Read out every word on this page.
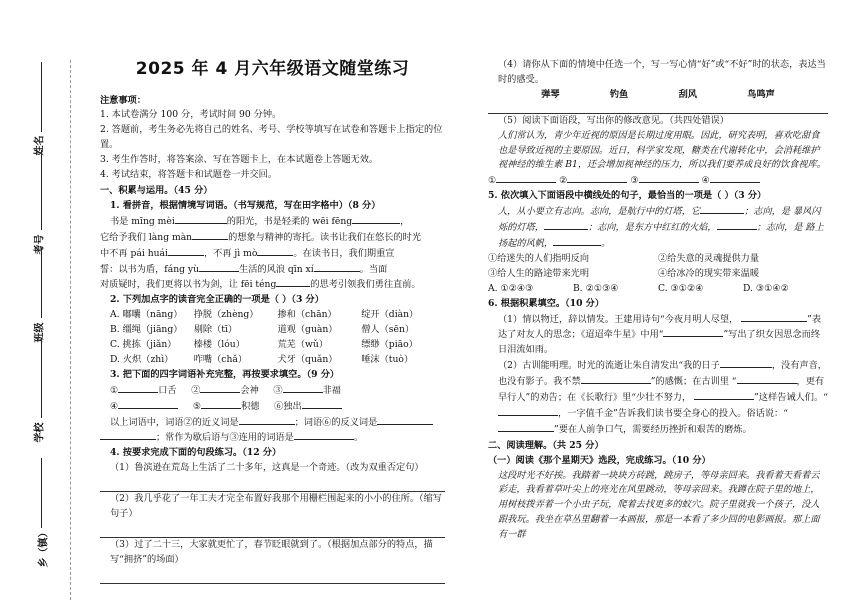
姓名
考号
班级
学校
乡（镇）
2025 年 4 月六年级语文随堂练习

注意事项：

1. 本试卷满分 100 分，考试时间 90 分钟。

2. 答题前，考生务必先将自己的姓名、考号、学校等填写在试卷和答题卡上指定的位置。

3. 考生作答时，将答案涂、写在答题卡上，在本试题卷上答题无效。

4. 考试结束，将答题卡和试题卷一并交回。

一、积累与运用。（45 分）

1. 看拼音，根据情境写词语。（书写规范，写在田字格中）（8 分）

书是 mīng mèi	的阳光，书是轻柔的 wēi fēng	，

它给予我们 làng màn	的想象与精神的寄托。读书让我们在悠长的时光

中不再 pái huái	，不再 jì mò	。在读书日，我们期重宣

誓：以书为盾，fáng yù	生活的风浪 qīn xí	。当面

对质疑时，我们更将以书为剑，让 fēi téng	的思考引领我们勇往直前。

2. 下列加点字的读音完全正确的一项是（ ）（3 分）

A. 嘟囔（nāng）	挣脱（zhèng）	掺和（chān）	绽开（diàn）
B. 缰绳（jiāng）	剔除（tī）	道观（guàn）	僧人（sēn）
C. 挑拣（jiǎn）	榛楼（lóu）	荒芜（wǔ）	缥缈（piāo）
D. 火炽（zhì）	咋嘴（chǎ）	犬牙（quǎn）	唾沫（tuò）

3. 把下面的四字词语补充完整，再按要求填空。（9 分）

①	口舌 ②	会神 ③	非福

④	⑤	积德 ⑥独出

以上词语中，词语②的近义词是	；词语⑥的反义词是

；常作为歇后语与③连用的词语是	。

4. 按要求完成下面的句段练习。（12 分）

（1）鲁滨逊在荒岛上生活了二十多年，这真是一个奇迹。（改为双重否定句）

（2）我几乎花了一年工夫才完全布置好我那个用栅栏围起来的小小的住所。（缩写句子）

（3）过了二十三，大家就更忙了，春节眨眼就到了。（根据加点部分的特点，描写“拥挤”的场面）

（4）请你从下面的情境中任选一个，写一写心情“好”或“不好”时的状态，表达当时的感受。

弹琴	钓鱼	刮风	鸟鸣声

（5）阅读下面语段，写出你的修改意见。（共四处错误）

人们常认为，青少年近视的原因是长期过度用眼。因此，研究表明，喜欢吃甜食也是导致近视的主要原因。近日，科学家发现，糖类在代谢转化中，会消耗维护视神经的维生素 B1，还会增加视神经的压力，所以我们要养成良好的饮食视库。

①	②	③	④

5. 依次填入下面语段中横线处的句子，最恰当的一项是（ ）（3 分）

人，从小要立有志向。志向，是航行中的灯塔，它	；志向，是 暴风闪烁的灯塔，	；志向，是东方中红红的火焰，	；志向，是 路上扬起的风帆，	。

①给迷失的人们指明反向	②给失意的灵魂提供力量
③给人生的路途带来光明	④给冰冷的现实带来温暖
A. ①②④③	B. ②①③④	C. ③①②④	D. ③①④②

6. 根据积累填空。（10 分）

（1）情以物迁，辞以情发。王建用诗句“今夜月明人尽望，	”表达了对友人的思念；《迢迢牵牛星》中用“	”写出了织女因思念而终日泪流如雨。

（2）古训能明理。时光的流逝让朱自清发出“我的日子	，没有声音，也没有影子。我不禁	”的感慨；在古训里 “	，更有早行人”的劝告；在《长歌行》里“少壮不努力，	”这样告诫人们。“，一字值千金”告诉我们读书要全身心的投入。俗话说：“”要在人前争口气，需要经历挫折和艰苦的磨炼。

二、阅读理解。（共 25 分）

（一）阅读《那个星期天》选段，完成练习。（10 分）

这段时光不好挨。我踏着一块块方砖跳，跳房子，等母亲回来。我看着天看着云彩走，我看着草叶尖上的亮光在风里跳动，等母亲回来。我蹲在院子里的地上，用树枝拨弄着一个小虫子玩，爬着去找更多的蚁穴。院子里就我一个孩子，没人跟我玩。我坐在草丛里翻着一本画报，那是一本看了多少回的电影画报。那上面有一群
